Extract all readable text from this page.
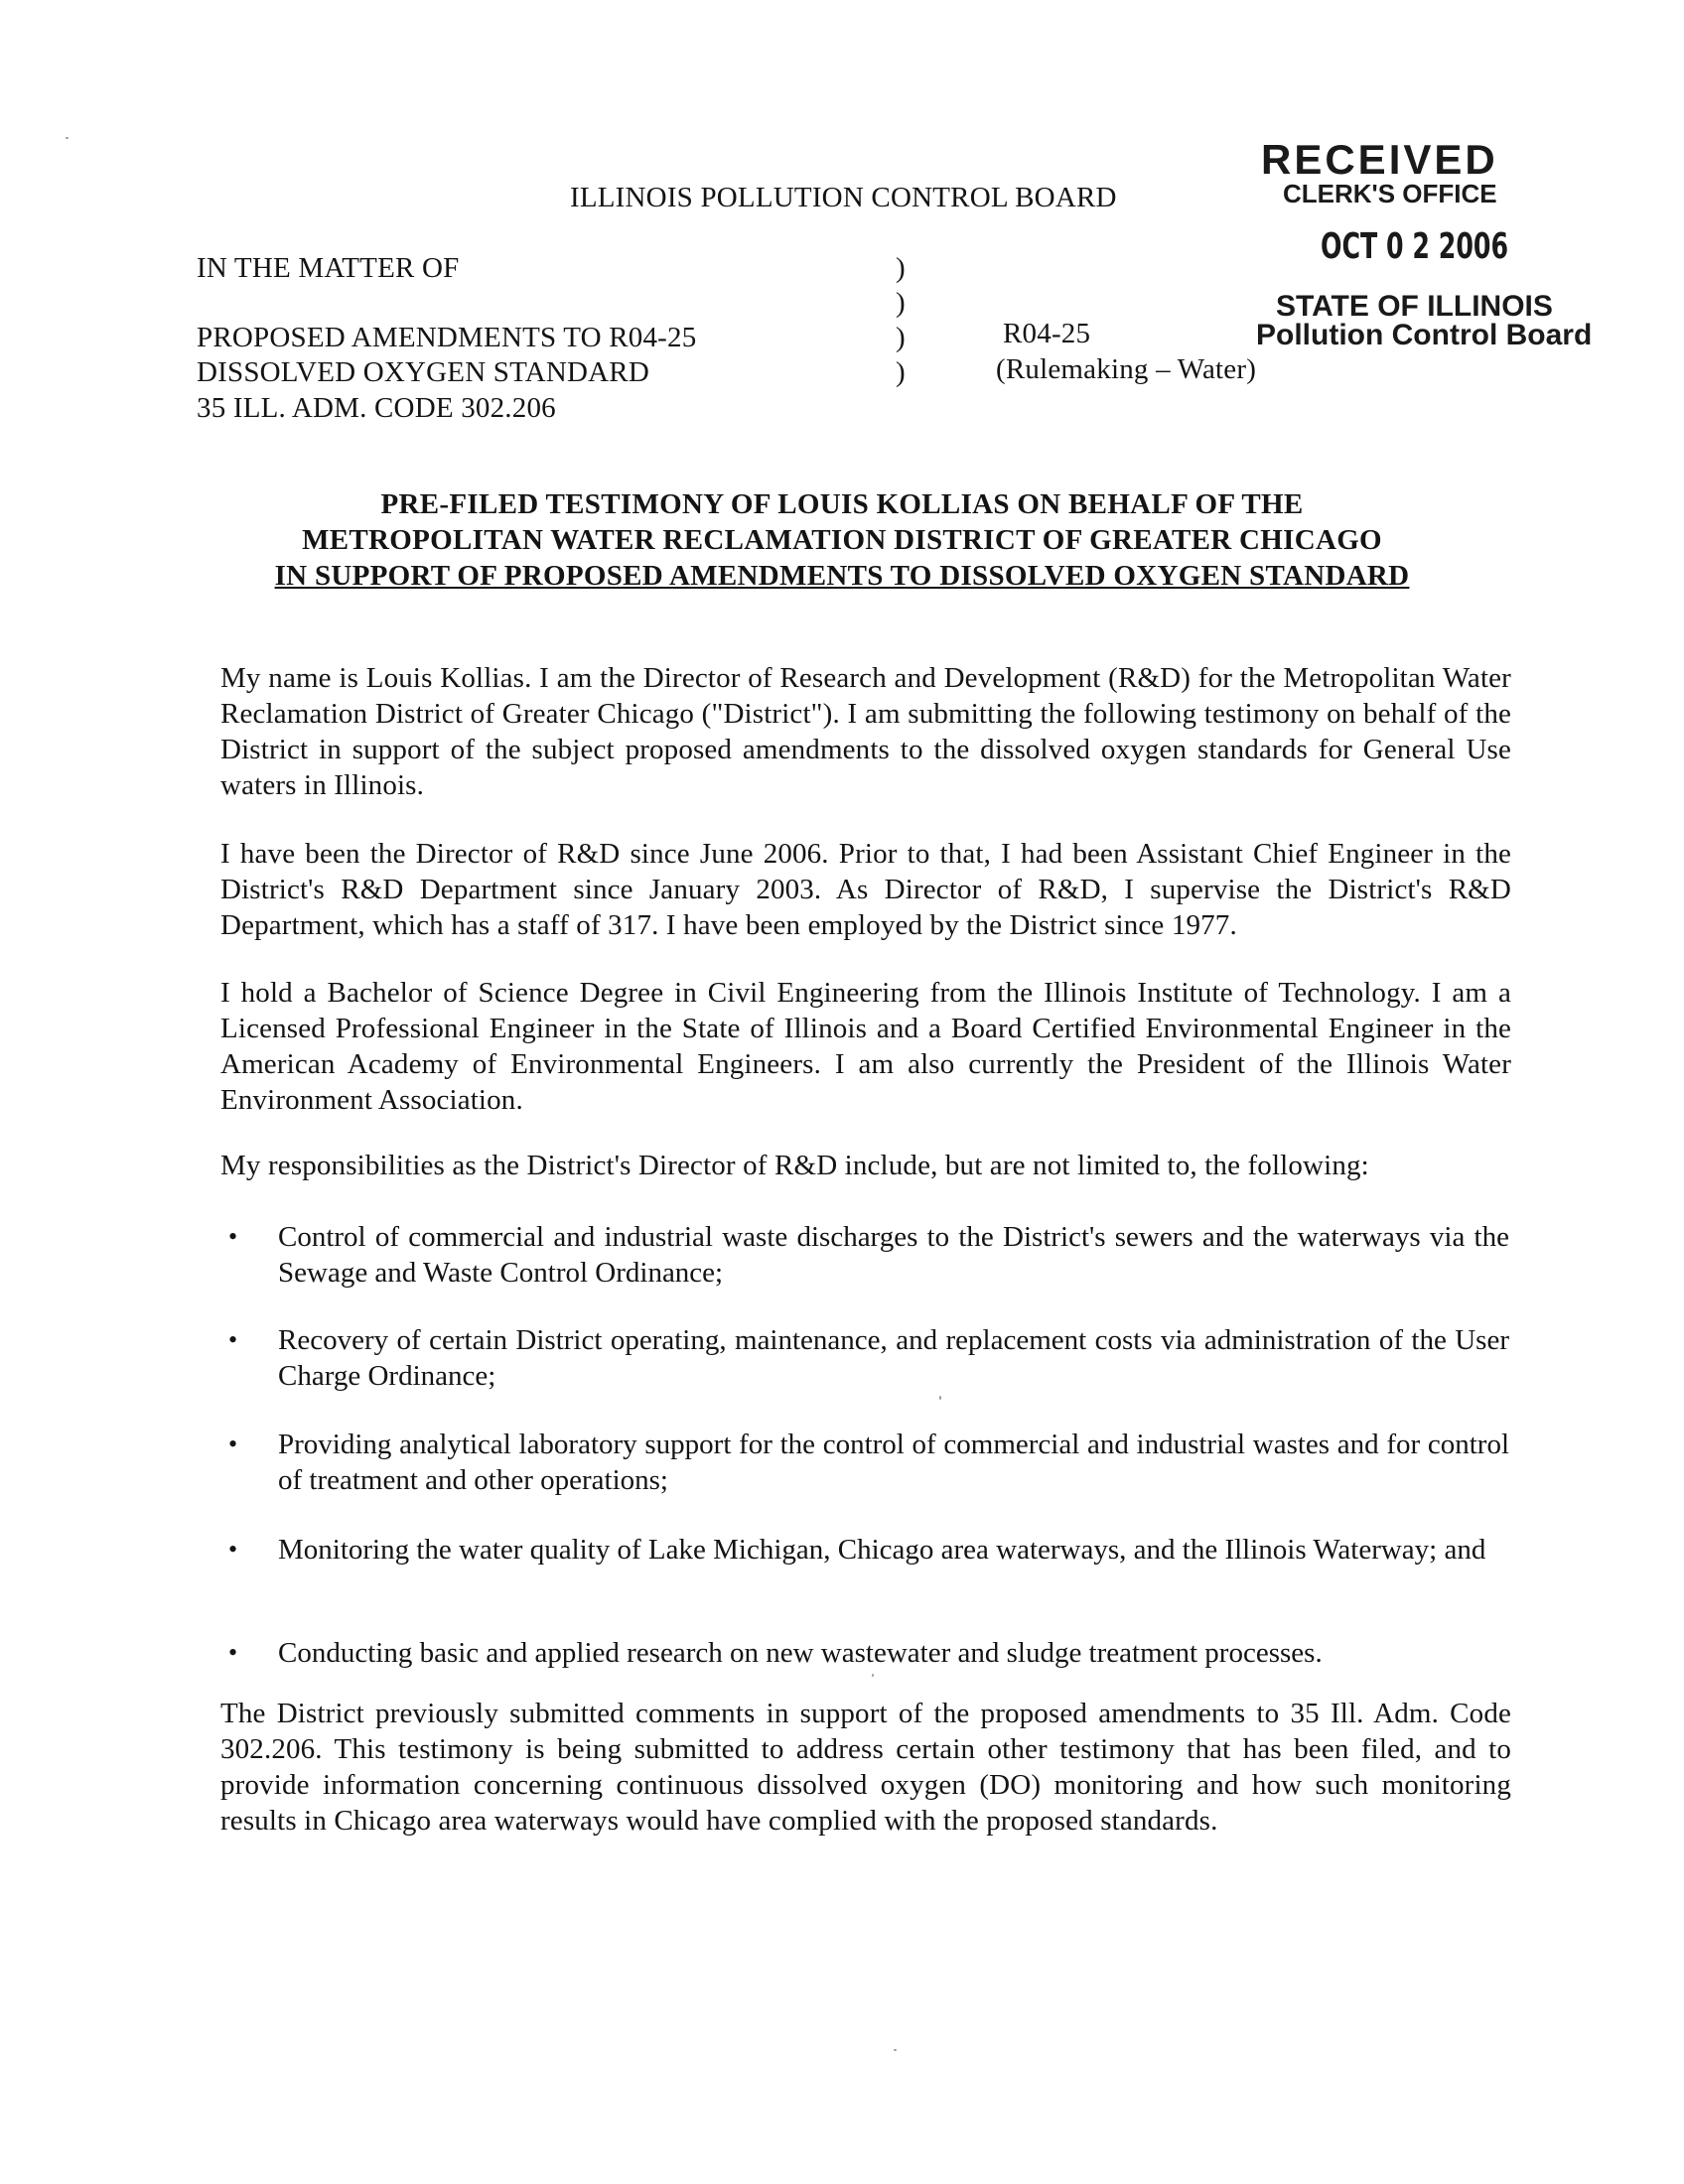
RECEIVED
CLERK'S OFFICE
OCT 0 2 2006
STATE OF ILLINOIS
Pollution Control Board
ILLINOIS POLLUTION CONTROL BOARD
IN THE MATTER OF
PROPOSED AMENDMENTS TO R04-25
DISSOLVED OXYGEN STANDARD
35 ILL. ADM. CODE 302.206
)
)
)
)
R04-25
(Rulemaking – Water)
PRE-FILED TESTIMONY OF LOUIS KOLLIAS ON BEHALF OF THE
METROPOLITAN WATER RECLAMATION DISTRICT OF GREATER CHICAGO
IN SUPPORT OF PROPOSED AMENDMENTS TO DISSOLVED OXYGEN STANDARD
My name is Louis Kollias. I am the Director of Research and Development (R&D) for the Metropolitan Water Reclamation District of Greater Chicago ("District"). I am submitting the following testimony on behalf of the District in support of the subject proposed amendments to the dissolved oxygen standards for General Use waters in Illinois.
I have been the Director of R&D since June 2006. Prior to that, I had been Assistant Chief Engineer in the District's R&D Department since January 2003. As Director of R&D, I supervise the District's R&D Department, which has a staff of 317. I have been employed by the District since 1977.
I hold a Bachelor of Science Degree in Civil Engineering from the Illinois Institute of Technology. I am a Licensed Professional Engineer in the State of Illinois and a Board Certified Environmental Engineer in the American Academy of Environmental Engineers. I am also currently the President of the Illinois Water Environment Association.
My responsibilities as the District's Director of R&D include, but are not limited to, the following:
• Control of commercial and industrial waste discharges to the District's sewers and the waterways via the Sewage and Waste Control Ordinance;
• Recovery of certain District operating, maintenance, and replacement costs via administration of the User Charge Ordinance;
• Providing analytical laboratory support for the control of commercial and industrial wastes and for control of treatment and other operations;
• Monitoring the water quality of Lake Michigan, Chicago area waterways, and the Illinois Waterway; and
• Conducting basic and applied research on new wastewater and sludge treatment processes.
The District previously submitted comments in support of the proposed amendments to 35 Ill. Adm. Code 302.206. This testimony is being submitted to address certain other testimony that has been filed, and to provide information concerning continuous dissolved oxygen (DO) monitoring and how such monitoring results in Chicago area waterways would have complied with the proposed standards.
